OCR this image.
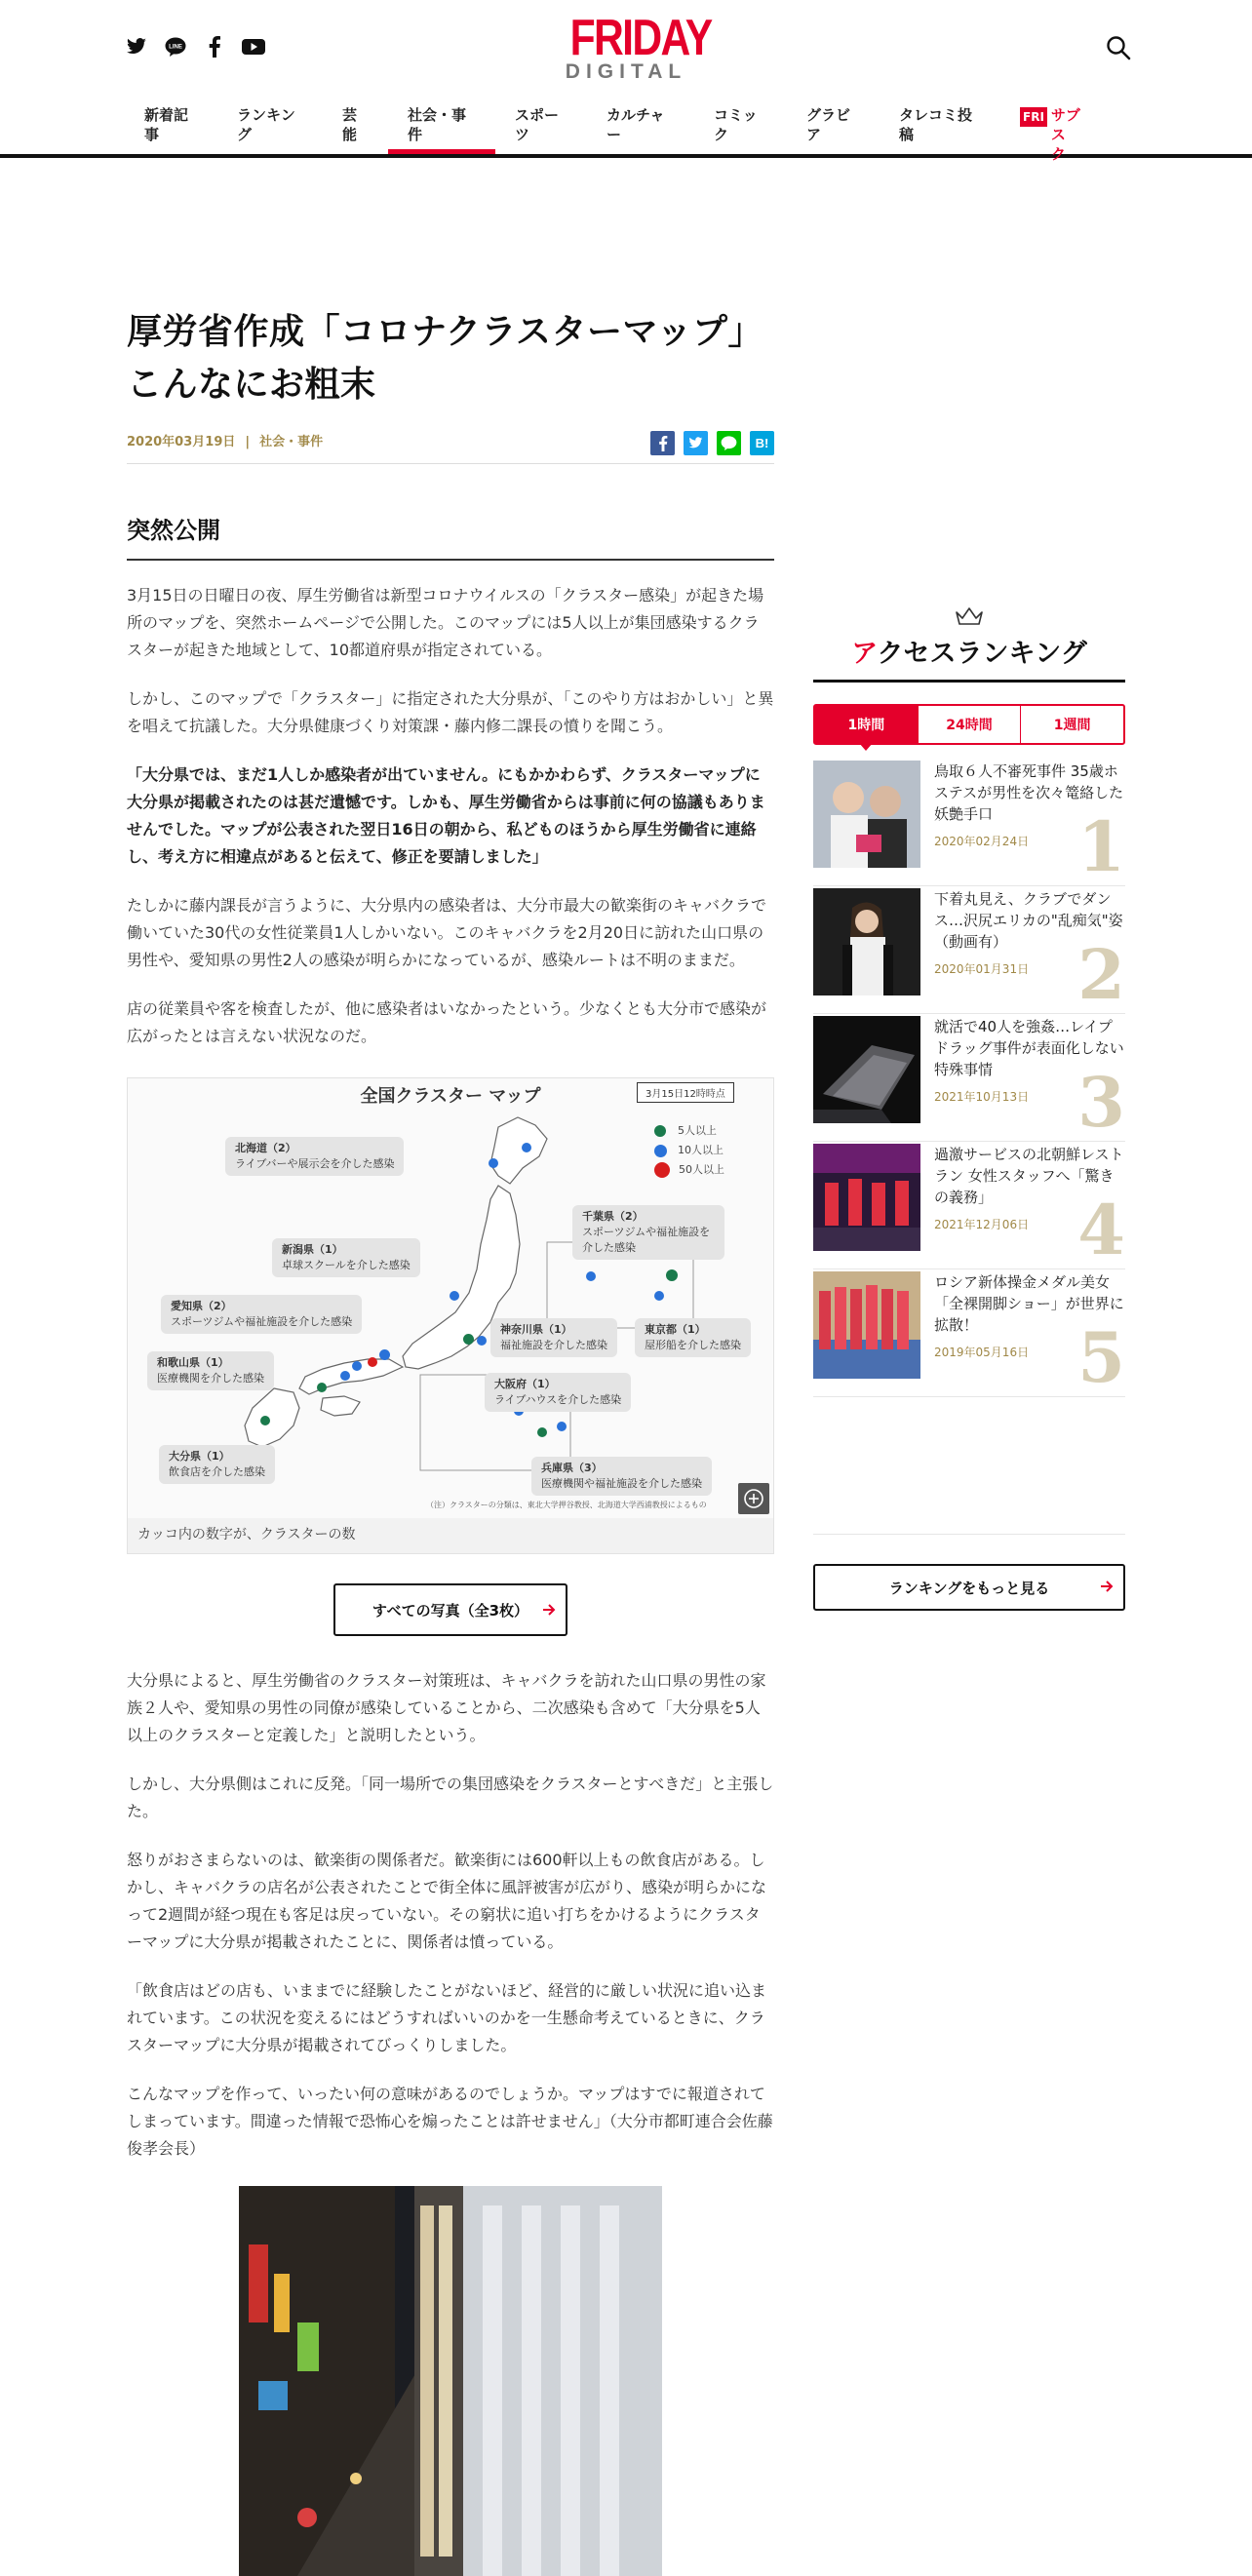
LINE	FRIDAY
DIGITAL
新着記
事
ランキン
グ
芸
能
社会・事
件
スポー
ツ
カルチャ
ー
コミッ
ク
グラビ
ア
タレコミ投
稿
FRI サブス
ク
厚労省作成「コロナクラスターマップ」こんなにお粗末
2020年03月19日 | 社会・事件	B!
突然公開
3月15日の日曜日の夜、厚生労働省は新型コロナウイルスの「クラスター感染」が起きた場所のマップを、突然ホームページで公開した。このマップには5人以上が集団感染するクラスターが起きた地域として、10都道府県が指定されている。
しかし、このマップで「クラスター」に指定された大分県が、「このやり方はおかしい」と異を唱えて抗議した。大分県健康づくり対策課・藤内修二課長の憤りを聞こう。
「大分県では、まだ1人しか感染者が出ていません。にもかかわらず、クラスターマップに大分県が掲載されたのは甚だ遺憾です。しかも、厚生労働省からは事前に何の協議もありませんでした。マップが公表された翌日16日の朝から、私どものほうから厚生労働省に連絡し、考え方に相違点があると伝えて、修正を要請しました」
たしかに藤内課長が言うように、大分県内の感染者は、大分市最大の歓楽街のキャバクラで働いていた30代の女性従業員1人しかいない。このキャバクラを2月20日に訪れた山口県の男性や、愛知県の男性2人の感染が明らかになっているが、感染ルートは不明のままだ。
店の従業員や客を検査したが、他に感染者はいなかったという。少なくとも大分市で感染が広がったとは言えない状況なのだ。
全国クラスター マップ	3月15日12時時点
5人以上
10人以上
50人以上
北海道（2）
ライブバーや展示会を介した感染
新潟県（1）
卓球スクールを介した感染
愛知県（2）
スポーツジムや福祉施設を介した感染
和歌山県（1）
医療機関を介した感染
大分県（1）
飲食店を介した感染
千葉県（2）
スポーツジムや福祉施設を介した感染
神奈川県（1）
福祉施設を介した感染
東京都（1）
屋形船を介した感染
大阪府（1）
ライブハウスを介した感染
兵庫県（3）
医療機関や福祉施設を介した感染
（注）クラスターの分類は、東北大学押谷教授、北海道大学西浦教授によるもの
カッコ内の数字が、クラスターの数
すべての写真（全3枚）
大分県によると、厚生労働省のクラスター対策班は、キャバクラを訪れた山口県の男性の家族２人や、愛知県の男性の同僚が感染していることから、二次感染も含めて「大分県を5人以上のクラスターと定義した」と説明したという。
しかし、大分県側はこれに反発。「同一場所での集団感染をクラスターとすべきだ」と主張した。
怒りがおさまらないのは、歓楽街の関係者だ。歓楽街には600軒以上もの飲食店がある。しかし、キャバクラの店名が公表されたことで街全体に風評被害が広がり、感染が明らかになって2週間が経つ現在も客足は戻っていない。その窮状に追い打ちをかけるようにクラスターマップに大分県が掲載されたことに、関係者は憤っている。
「飲食店はどの店も、いままでに経験したことがないほど、経営的に厳しい状況に追い込まれています。この状況を変えるにはどうすればいいのかを一生懸命考えているときに、クラスターマップに大分県が掲載されてびっくりしました。
こんなマップを作って、いったい何の意味があるのでしょうか。マップはすでに報道されてしまっています。間違った情報で恐怖心を煽ったことは許せません」（大分市都町連合会佐藤俊孝会長）
アクセスランキング
1時間	24時間	1週間
鳥取６人不審死事件 35歳ホステスが男性を次々篭絡した妖艶手口
2020年02月24日 1
下着丸見え、クラブでダンス…沢尻エリカの"乱痴気"姿（動画有）
2020年01月31日 2
就活で40人を強姦…レイプドラッグ事件が表面化しない特殊事情
2021年10月13日 3
過激サービスの北朝鮮レストラン 女性スタッフへ「驚きの義務」
2021年12月06日 4
ロシア新体操金メダル美女「全裸開脚ショー」が世界に拡散！
2019年05月16日 5
ランキングをもっと見る
